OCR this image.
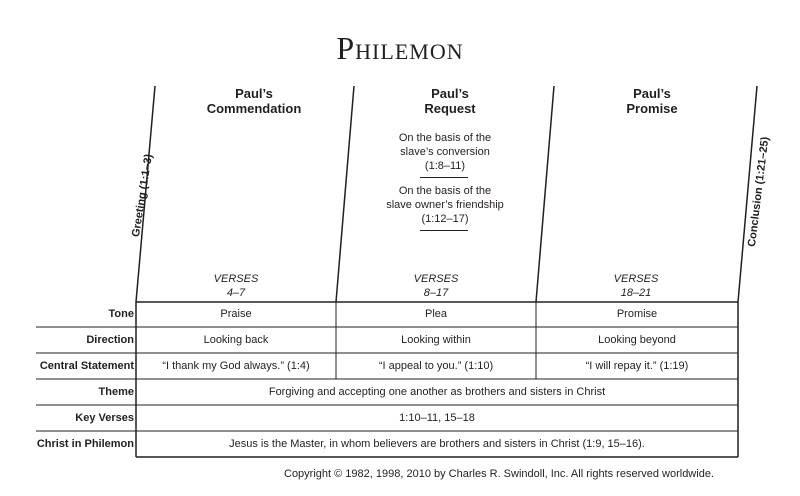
Philemon
Greeting (1:1–3)	Conclusion (1:21–25)
Paul’s
Commendation
Paul’s
Request
Paul’s
Promise
On the basis of the
slave’s conversion
(1:8–11)
On the basis of the
slave owner’s friendship
(1:12–17)
VERSES
4–7
VERSES
8–17
VERSES
18–21
Tone	Praise	Plea	Promise
Direction	Looking back	Looking within	Looking beyond
Central Statement	“I thank my God always.” (1:4)	“I appeal to you.” (1:10)	“I will repay it.” (1:19)
Theme	Forgiving and accepting one another as brothers and sisters in Christ
Key Verses	1:10–11, 15–18
Christ in Philemon	Jesus is the Master, in whom believers are brothers and sisters in Christ (1:9, 15–16).
Copyright © 1982, 1998, 2010 by Charles R. Swindoll, Inc. All rights reserved worldwide.
